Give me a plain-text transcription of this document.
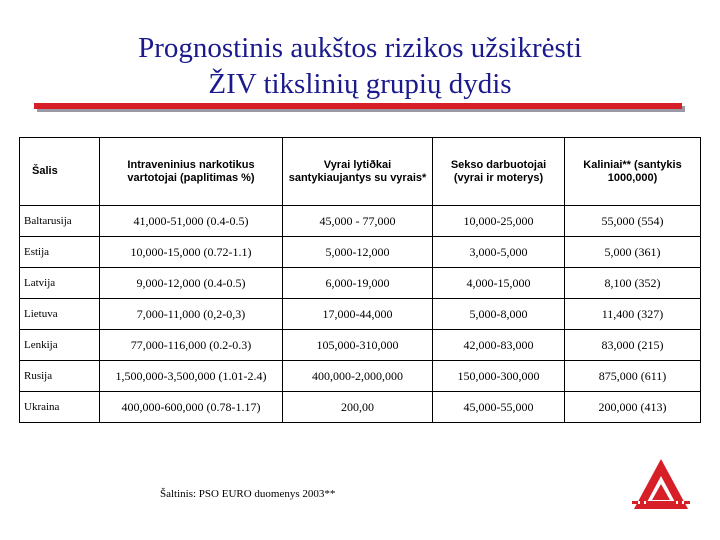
Prognostinis aukštos rizikos užsikrėsti
ŽIV tikslinių grupių dydis
Šalis	Intraveninius narkotikus vartotojai (paplitimas %)	Vyrai lytiðkai santykiaujantys su vyrais*	Sekso darbuotojai (vyrai ir moterys)	Kaliniai** (santykis 1000,000)
Baltarusija	41,000-51,000 (0.4-0.5)	45,000 - 77,000	10,000-25,000	55,000 (554)
Estija	10,000-15,000 (0.72-1.1)	5,000-12,000	3,000-5,000	5,000 (361)
Latvija	9,000-12,000 (0.4-0.5)	6,000-19,000	4,000-15,000	8,100 (352)
Lietuva	7,000-11,000 (0,2-0,3)	17,000-44,000	5,000-8,000	11,400 (327)
Lenkija	77,000-116,000 (0.2-0.3)	105,000-310,000	42,000-83,000	83,000 (215)
Rusija	1,500,000-3,500,000 (1.01-2.4)	400,000-2,000,000	150,000-300,000	875,000 (611)
Ukraina	400,000-600,000 (0.78-1.17)	200,00	45,000-55,000	200,000 (413)
Šaltinis: PSO EURO duomenys 2003**
